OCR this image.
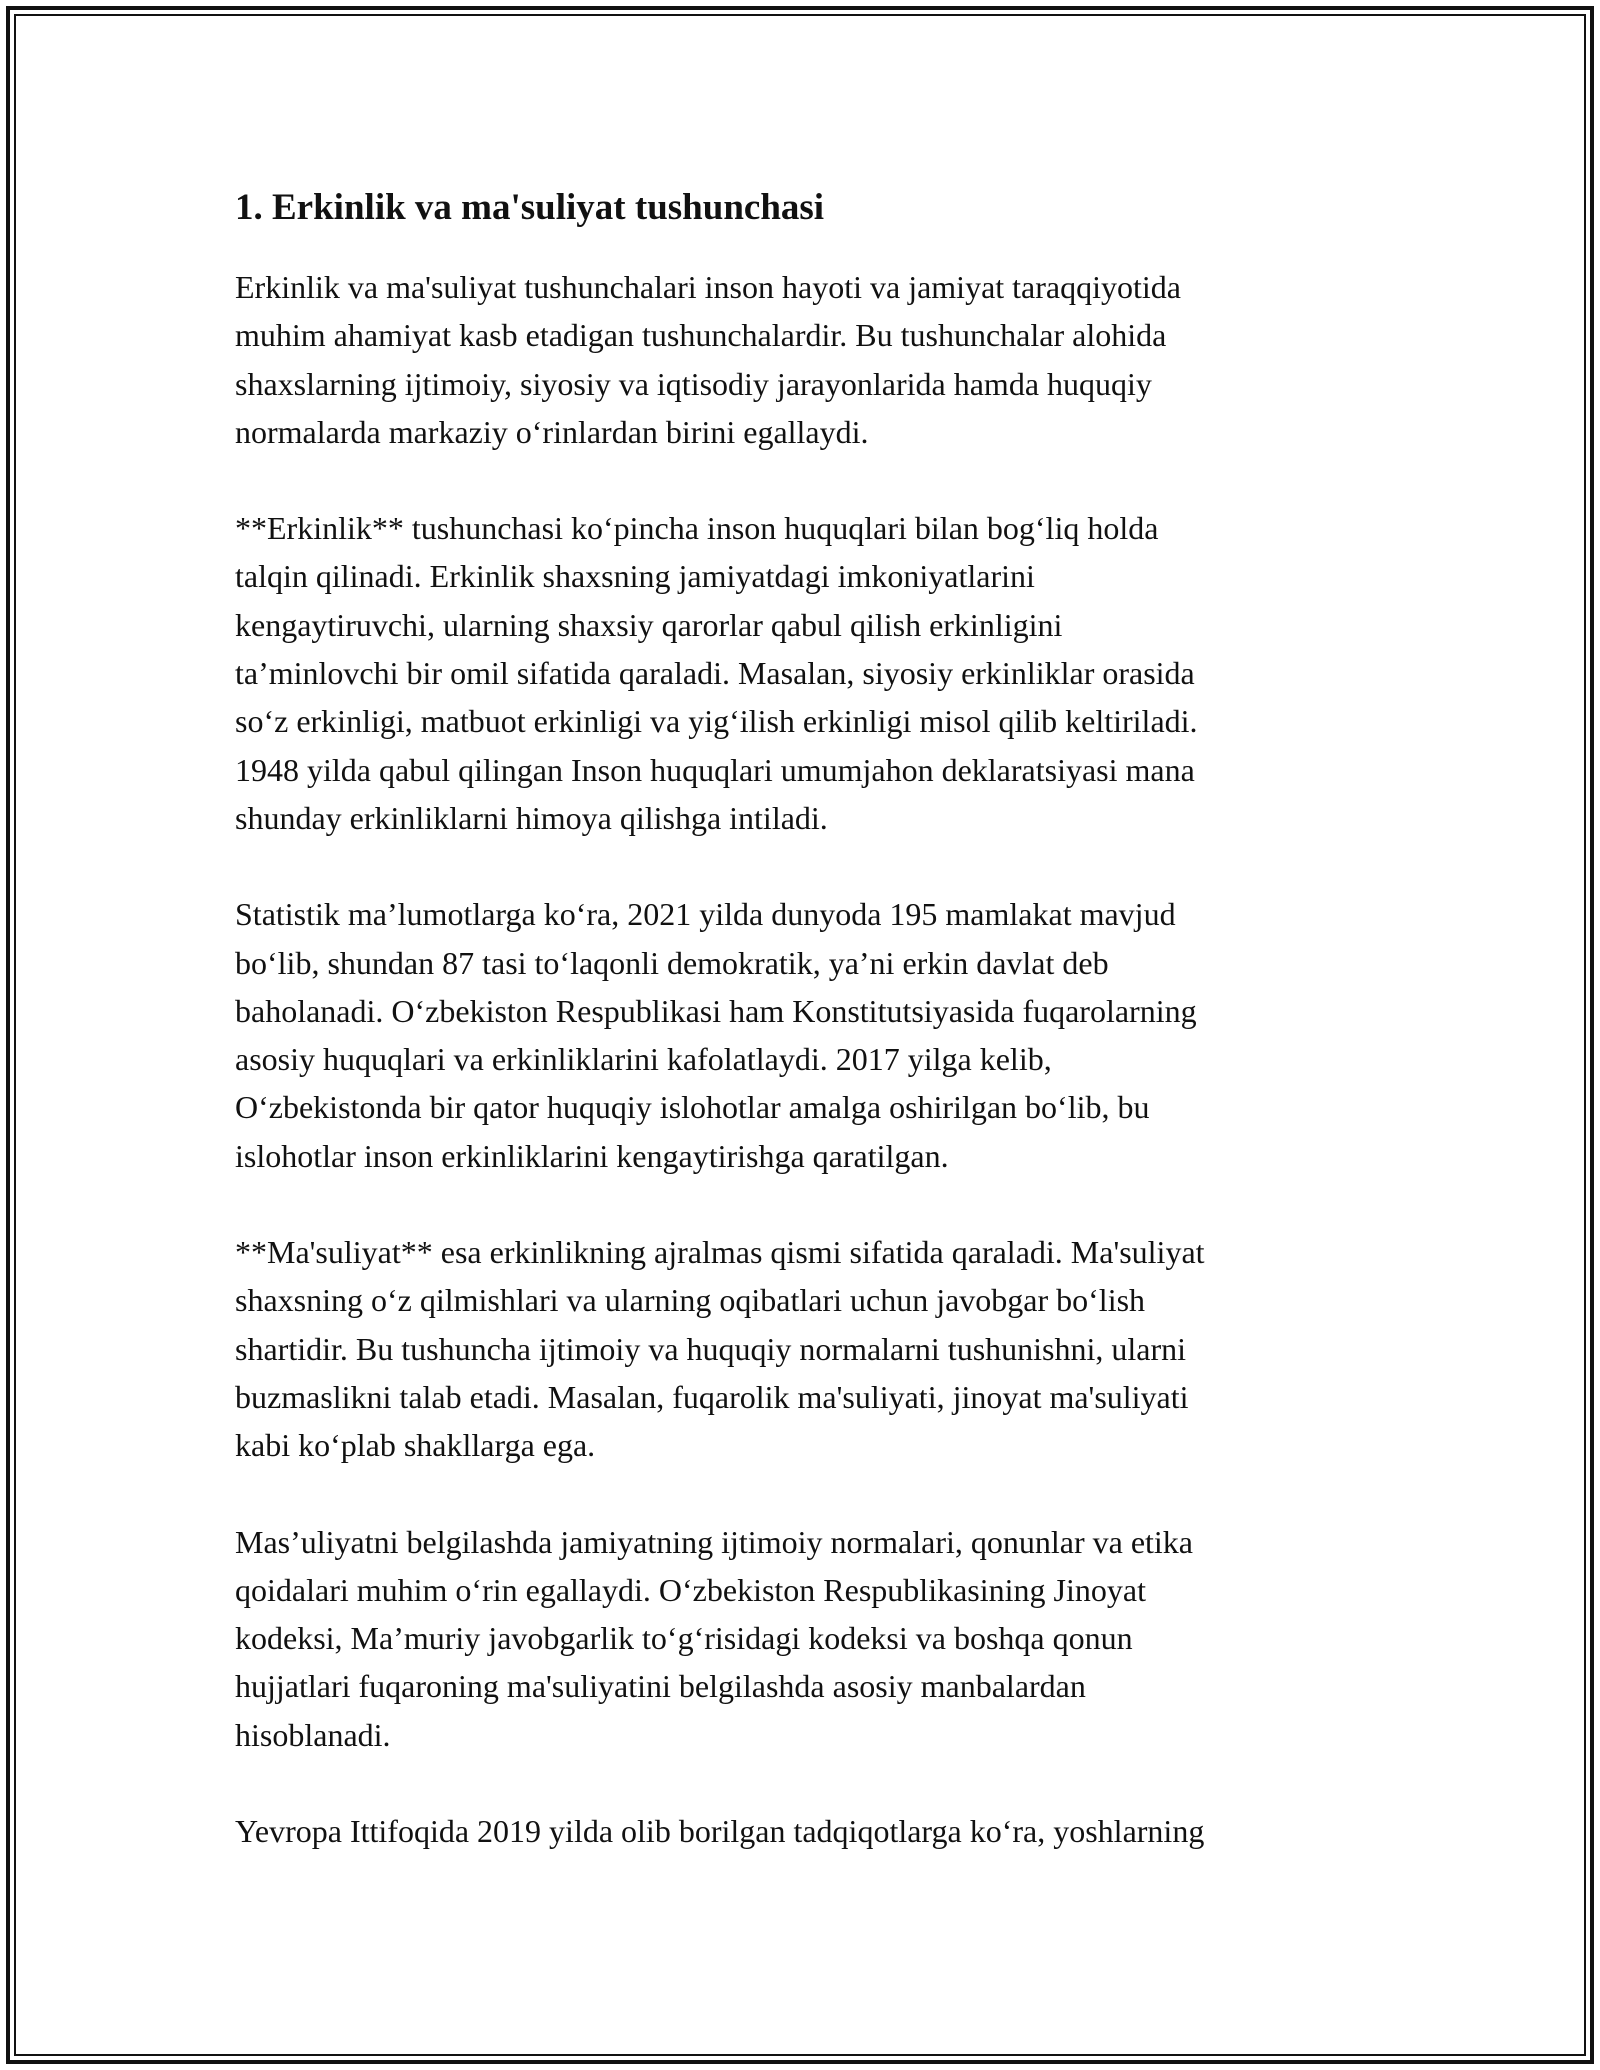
1. Erkinlik va ma'suliyat tushunchasi

Erkinlik va ma'suliyat tushunchalari inson hayoti va jamiyat taraqqiyotida
muhim ahamiyat kasb etadigan tushunchalardir. Bu tushunchalar alohida
shaxslarning ijtimoiy, siyosiy va iqtisodiy jarayonlarida hamda huquqiy
normalarda markaziy o‘rinlardan birini egallaydi.

**Erkinlik** tushunchasi ko‘pincha inson huquqlari bilan bog‘liq holda
talqin qilinadi. Erkinlik shaxsning jamiyatdagi imkoniyatlarini
kengaytiruvchi, ularning shaxsiy qarorlar qabul qilish erkinligini
ta’minlovchi bir omil sifatida qaraladi. Masalan, siyosiy erkinliklar orasida
so‘z erkinligi, matbuot erkinligi va yig‘ilish erkinligi misol qilib keltiriladi.
1948 yilda qabul qilingan Inson huquqlari umumjahon deklaratsiyasi mana
shunday erkinliklarni himoya qilishga intiladi.

Statistik ma’lumotlarga ko‘ra, 2021 yilda dunyoda 195 mamlakat mavjud
bo‘lib, shundan 87 tasi to‘laqonli demokratik, ya’ni erkin davlat deb
baholanadi. O‘zbekiston Respublikasi ham Konstitutsiyasida fuqarolarning
asosiy huquqlari va erkinliklarini kafolatlaydi. 2017 yilga kelib,
O‘zbekistonda bir qator huquqiy islohotlar amalga oshirilgan bo‘lib, bu
islohotlar inson erkinliklarini kengaytirishga qaratilgan.

**Ma'suliyat** esa erkinlikning ajralmas qismi sifatida qaraladi. Ma'suliyat
shaxsning o‘z qilmishlari va ularning oqibatlari uchun javobgar bo‘lish
shartidir. Bu tushuncha ijtimoiy va huquqiy normalarni tushunishni, ularni
buzmaslikni talab etadi. Masalan, fuqarolik ma'suliyati, jinoyat ma'suliyati
kabi ko‘plab shakllarga ega.

Mas’uliyatni belgilashda jamiyatning ijtimoiy normalari, qonunlar va etika
qoidalari muhim o‘rin egallaydi. O‘zbekiston Respublikasining Jinoyat
kodeksi, Ma’muriy javobgarlik to‘g‘risidagi kodeksi va boshqa qonun
hujjatlari fuqaroning ma'suliyatini belgilashda asosiy manbalardan
hisoblanadi.

Yevropa Ittifoqida 2019 yilda olib borilgan tadqiqotlarga ko‘ra, yoshlarning
